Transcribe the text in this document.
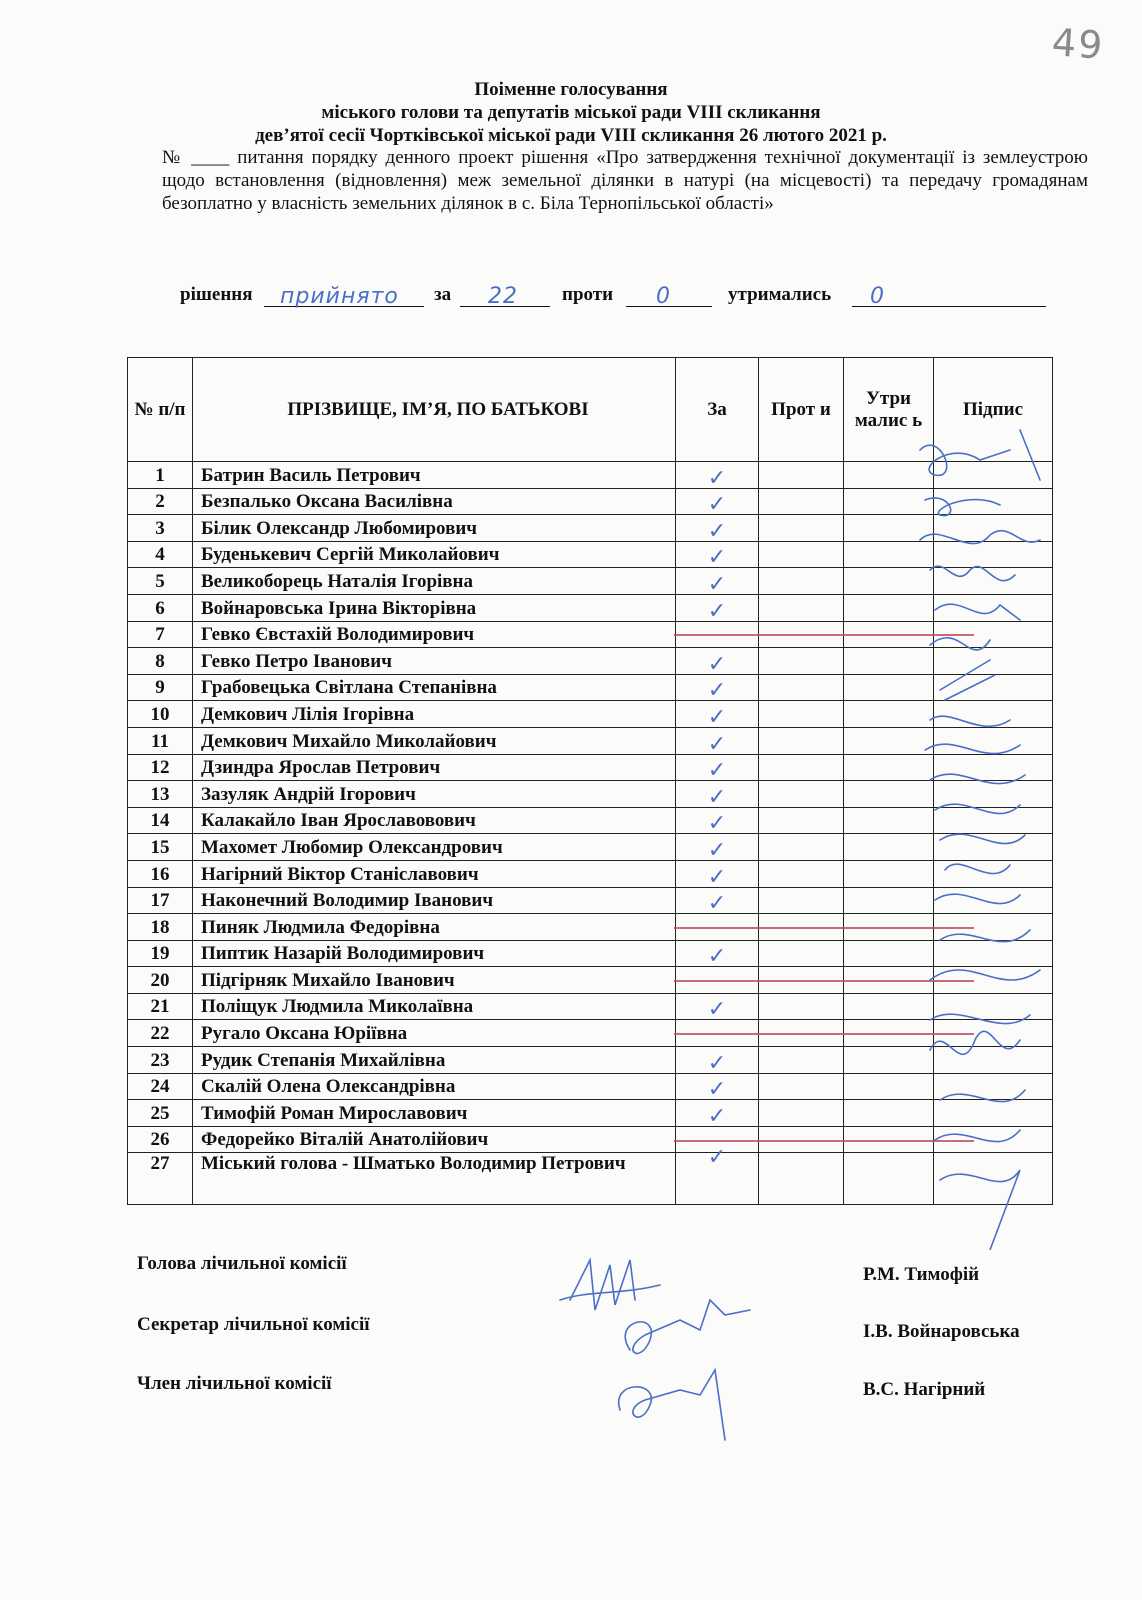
49
Поіменне голосування
міського голови та депутатів міської ради VIII скликання
дев’ятої сесії Чортківської міської ради VIII скликання 26 лютого 2021 р.
№ ____ питання порядку денного проект рішення «Про затвердження технічної документації із землеустрою щодо встановлення (відновлення) меж земельної ділянки в натурі (на місцевості) та передачу громадянам безоплатно у власність земельних ділянок в с. Біла Тернопільської області»
рішення прийнято за 22 проти 0	утримались 0
№ п/п	ПРІЗВИЩЕ, ІМ’Я, ПО БАТЬКОВІ	За	Прот и	Утри малис ь	Підпис
1	Батрин Василь Петрович	✓			

2	Безпалько Оксана Василівна	✓			

3	Білик Олександр Любомирович	✓			

4	Буденькевич Сергій Миколайович	✓			

5	Великоборець Наталія Ігорівна	✓			

6	Войнаровська Ірина Вікторівна	✓			

7	Гевко Євстахій Володимирович				
8	Гевко Петро Іванович	✓			

9	Грабовецька Світлана Степанівна	✓			

10	Демкович Лілія Ігорівна	✓			

11	Демкович Михайло Миколайович	✓			

12	Дзиндра Ярослав Петрович	✓			

13	Зазуляк Андрій Ігорович	✓			

14	Калакайло Іван Ярославовович	✓			

15	Махомет Любомир Олександрович	✓			

16	Нагірний Віктор Станіславович	✓			

17	Наконечний Володимир Іванович	✓			

18	Пиняк Людмила Федорівна				
19	Пиптик Назарій Володимирович	✓			

20	Підгірняк Михайло Іванович				
21	Поліщук Людмила Миколаївна	✓			

22	Ругало Оксана Юріївна				
23	Рудик Степанія Михайлівна	✓			

24	Скалій Олена Олександрівна	✓			

25	Тимофій Роман Мирославович	✓			

26	Федорейко Віталій Анатолійович				
27	Міський голова - Шматько Володимир Петрович	✓			

Голова лічильної комісії
Секретар лічильної комісії
Член лічильної комісії
Р.М. Тимофій
І.В. Войнаровська
В.С. Нагірний
